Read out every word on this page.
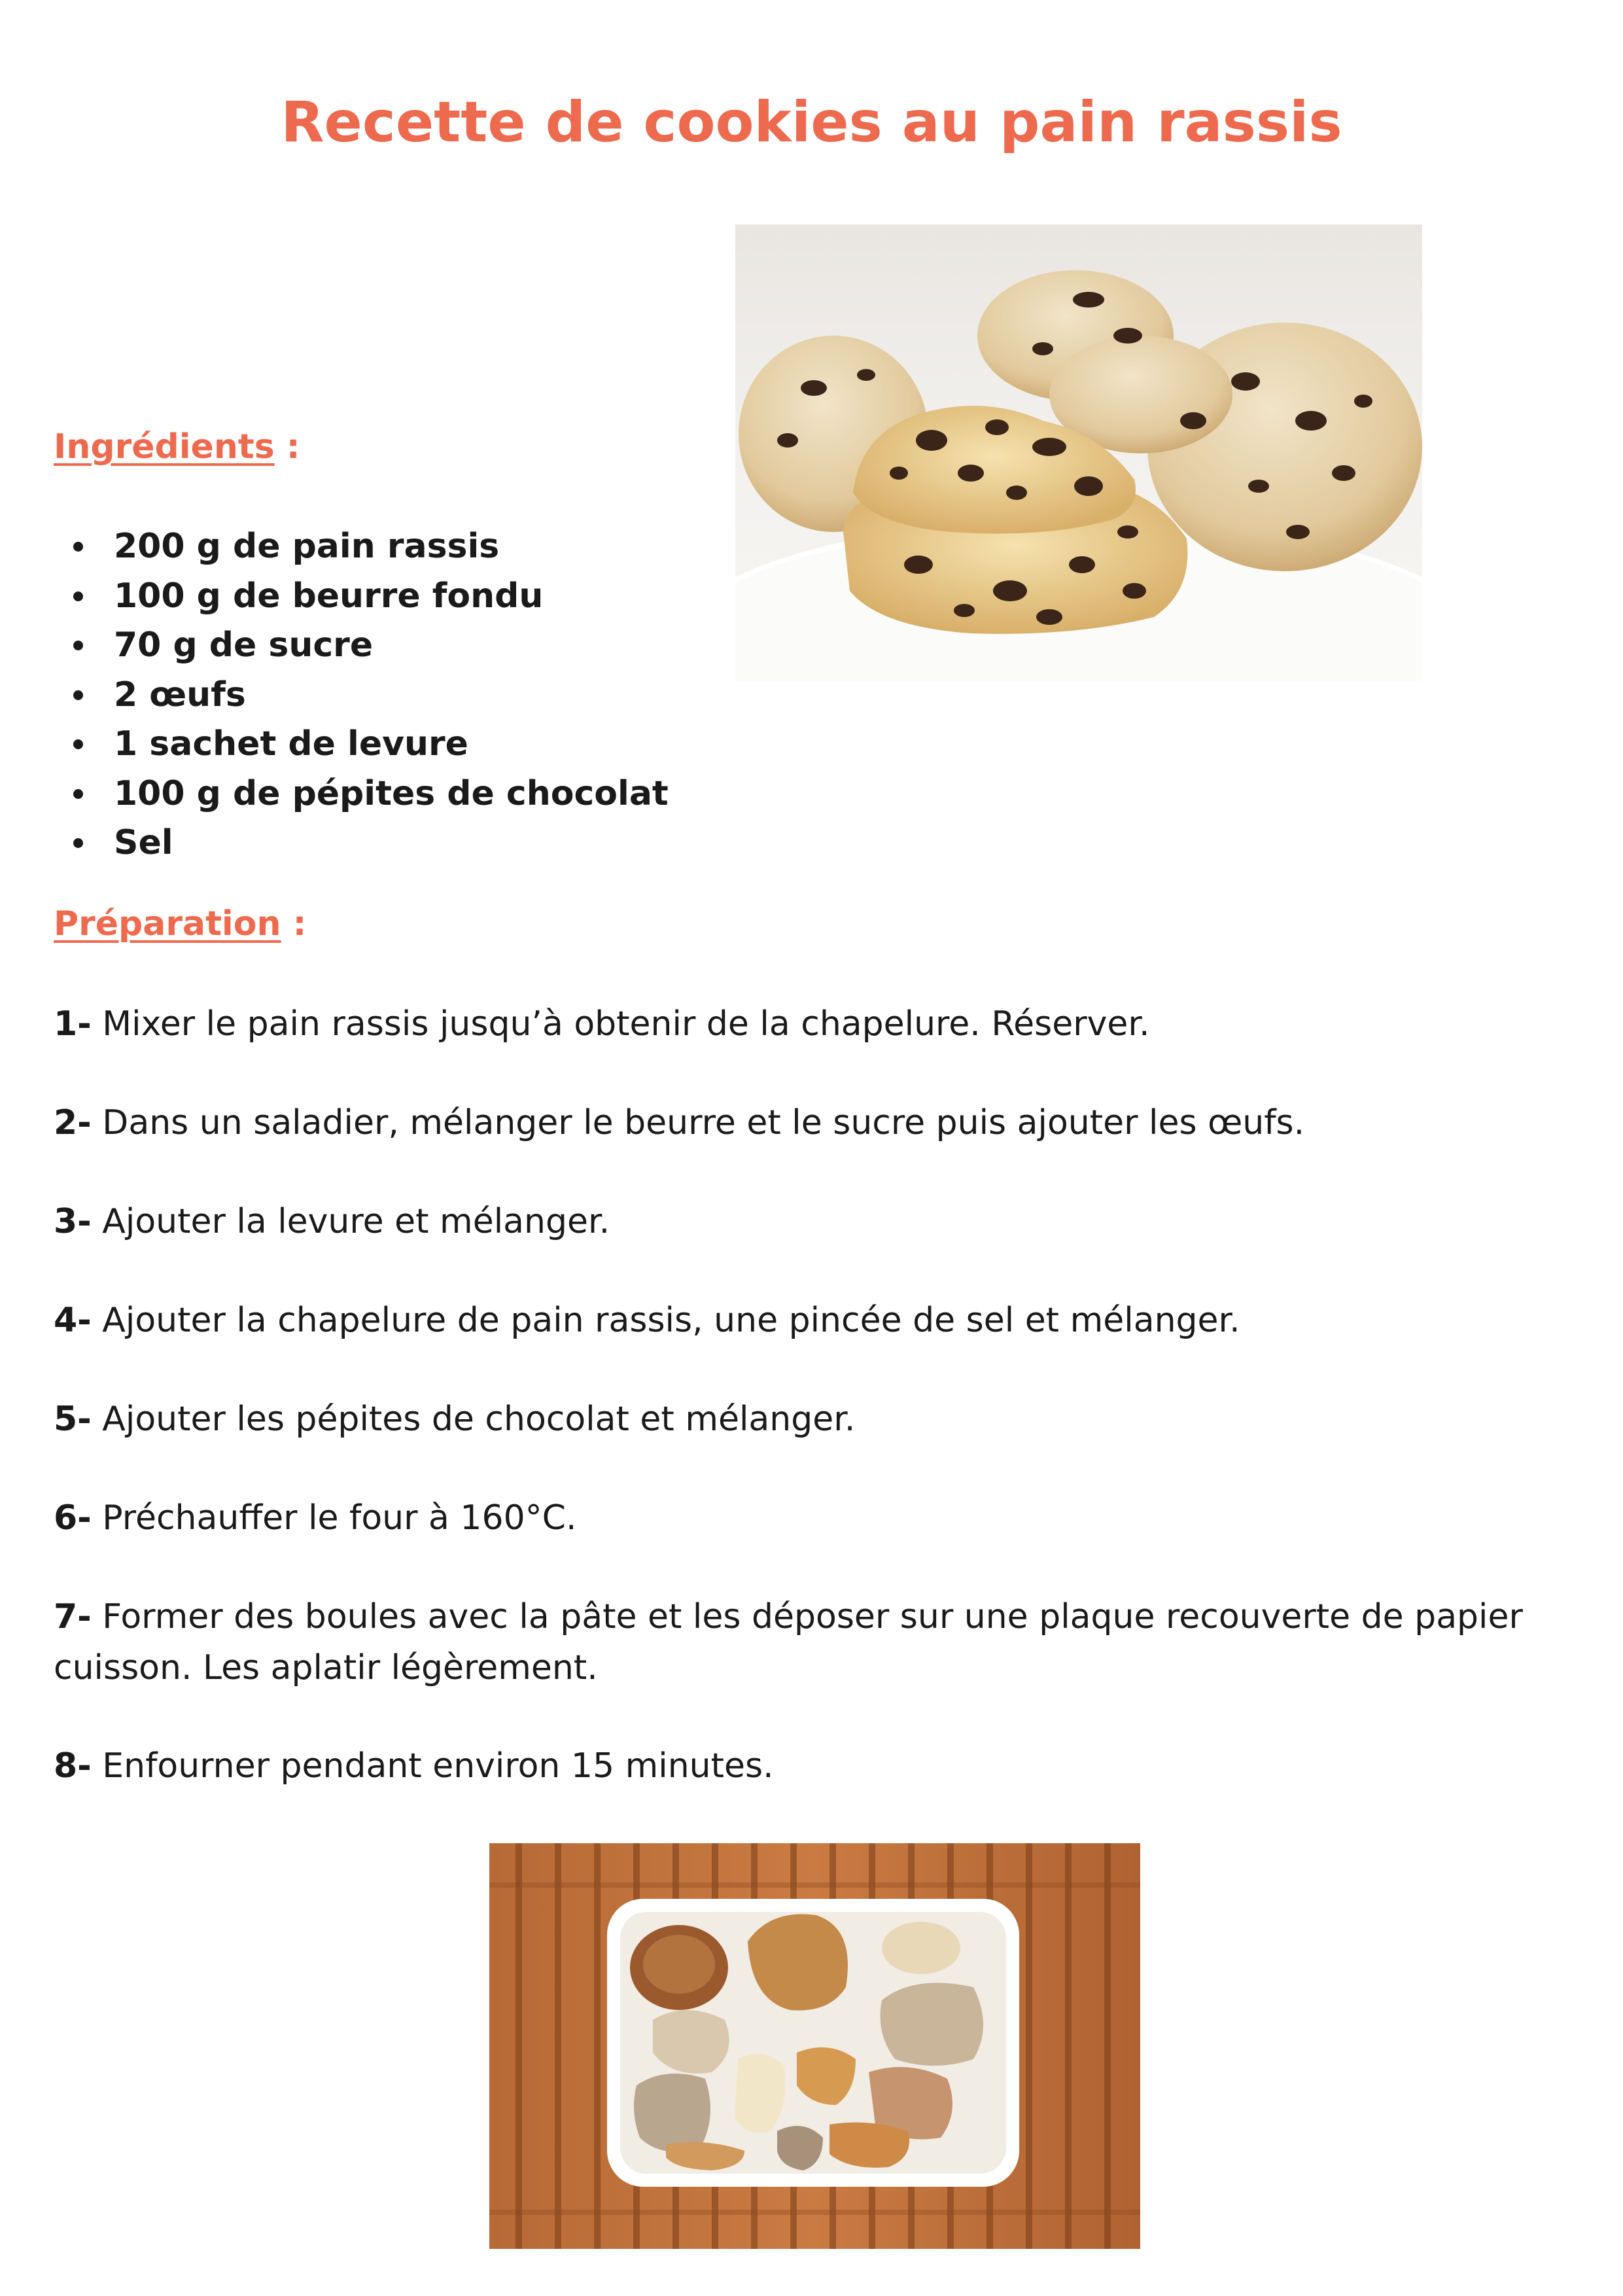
Recette de cookies au pain rassis
Ingrédients :
200 g de pain rassis
100 g de beurre fondu
70 g de sucre
2 œufs
1 sachet de levure
100 g de pépites de chocolat
Sel
Préparation :

1- Mixer le pain rassis jusqu’à obtenir de la chapelure. Réserver.

2- Dans un saladier, mélanger le beurre et le sucre puis ajouter les œufs.

3- Ajouter la levure et mélanger.

4- Ajouter la chapelure de pain rassis, une pincée de sel et mélanger.

5- Ajouter les pépites de chocolat et mélanger.

6- Préchauffer le four à 160°C.

7- Former des boules avec la pâte et les déposer sur une plaque recouverte de papier cuisson. Les aplatir légèrement.

8- Enfourner pendant environ 15 minutes.
